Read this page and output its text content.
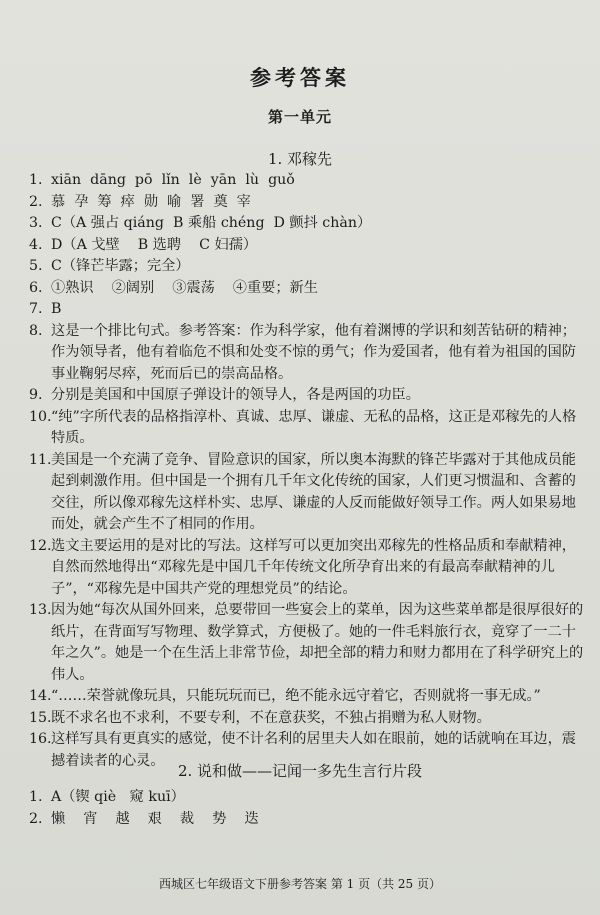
参考答案
第一单元
1. 邓稼先
1. xiān  dāng  pō  lǐn  lè  yān  lù  guǒ
2. 慕  孕  筹  瘁  勋  喻  署  奠  宰
3. C（A 强占 qiáng  B 乘船 chéng  D 颤抖 chàn）
4. D（A 戈壁    B 选聘    C 妇孺）
5. C（锋芒毕露；完全）
6. ①熟识    ②阔别    ③震荡    ④重要；新生
7. B
8. 这是一个排比句式。参考答案：作为科学家，他有着渊博的学识和刻苦钻研的精神；作为领导者，他有着临危不惧和处变不惊的勇气；作为爱国者，他有着为祖国的国防事业鞠躬尽瘁，死而后已的崇高品格。
9. 分别是美国和中国原子弹设计的领导人，各是两国的功臣。
10. “纯”字所代表的品格指淳朴、真诚、忠厚、谦虚、无私的品格，这正是邓稼先的人格特质。
11. 美国是一个充满了竞争、冒险意识的国家，所以奥本海默的锋芒毕露对于其他成员能起到刺激作用。但中国是一个拥有几千年文化传统的国家，人们更习惯温和、含蓄的交往，所以像邓稼先这样朴实、忠厚、谦虚的人反而能做好领导工作。两人如果易地而处，就会产生不了相同的作用。
12. 选文主要运用的是对比的写法。这样写可以更加突出邓稼先的性格品质和奉献精神，自然而然地得出“邓稼先是中国几千年传统文化所孕育出来的有最高奉献精神的儿子”，“邓稼先是中国共产党的理想党员”的结论。
13. 因为她“每次从国外回来，总要带回一些宴会上的菜单，因为这些菜单都是很厚很好的纸片，在背面写写物理、数学算式，方便极了。她的一件毛料旅行衣，竟穿了一二十年之久”。她是一个在生活上非常节俭，却把全部的精力和财力都用在了科学研究上的伟人。
14. “……荣誉就像玩具，只能玩玩而已，绝不能永远守着它，否则就将一事无成。”
15. 既不求名也不求利，不要专利，不在意获奖，不独占捐赠为私人财物。
16. 这样写具有更真实的感觉，使不计名利的居里夫人如在眼前，她的话就响在耳边，震撼着读者的心灵。
2. 说和做——记闻一多先生言行片段
1. A（锲 qiè   窥 kuī）
2. 懒    宵    越    艰    裁    势    迭
西城区七年级语文下册参考答案 第 1 页（共 25 页）
